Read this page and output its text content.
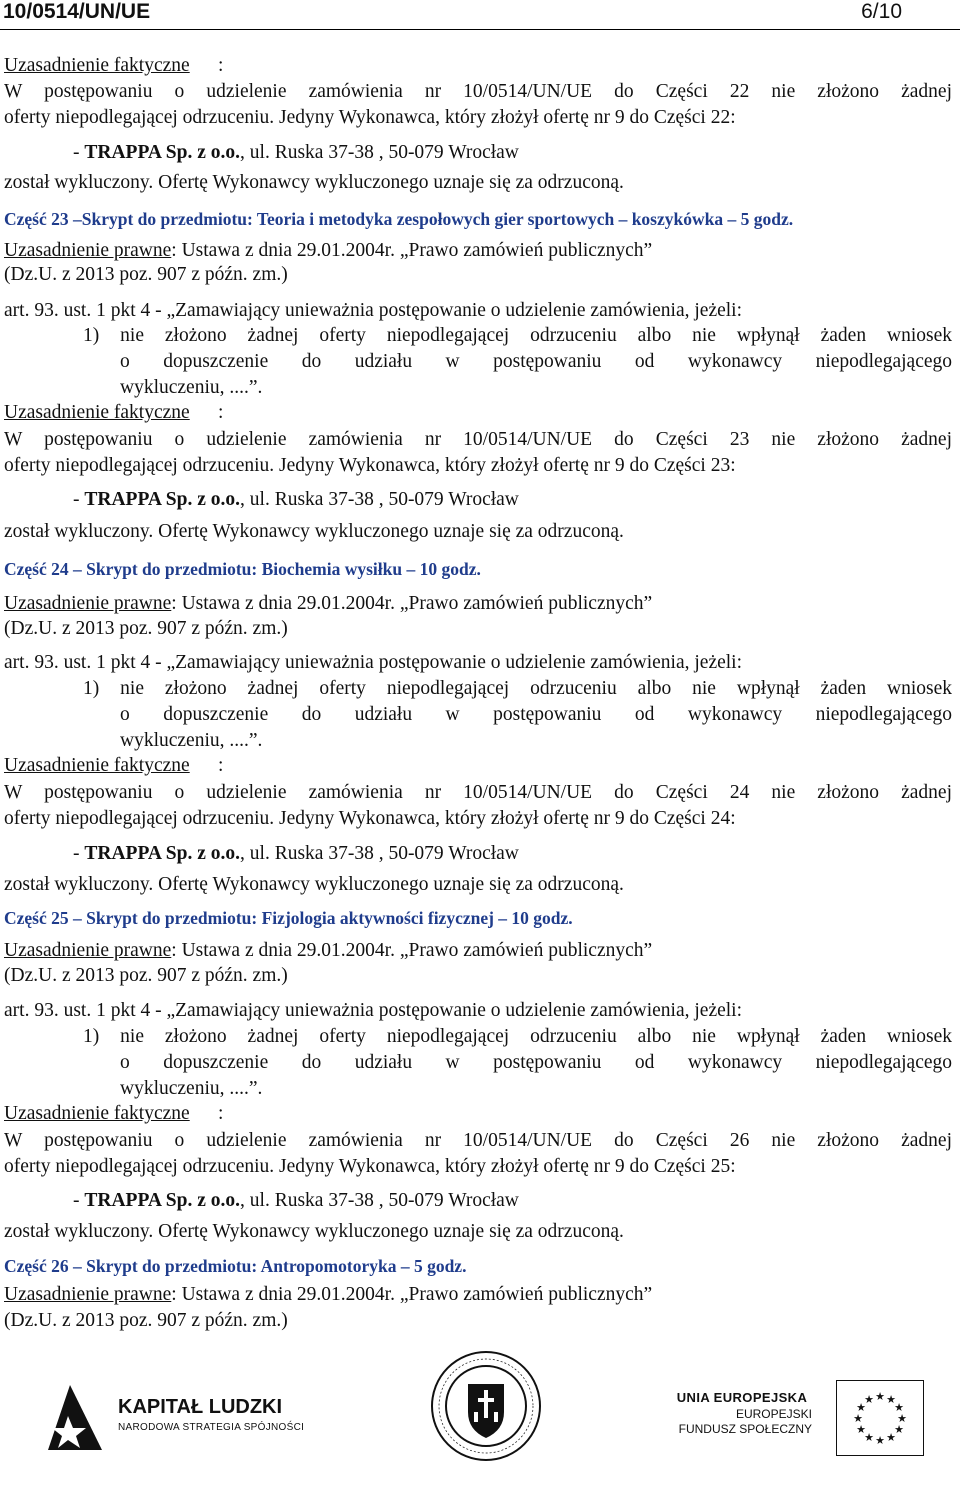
10/0514/UN/UE	6/10
Uzasadnienie faktyczne :
W postępowaniu o udzielenie zamówienia nr 10/0514/UN/UE do Części 22 nie złożono żadnej
oferty niepodlegającej odrzuceniu. Jedyny Wykonawca, który złożył ofertę nr 9 do Części 22:
- TRAPPA Sp. z o.o., ul. Ruska 37-38 , 50-079 Wrocław
został wykluczony. Ofertę Wykonawcy wykluczonego uznaje się za odrzuconą.
Część 23 –Skrypt do przedmiotu: Teoria i metodyka zespołowych gier sportowych – koszykówka – 5 godz.
Uzasadnienie prawne: Ustawa z dnia 29.01.2004r. „Prawo zamówień publicznych”
(Dz.U. z 2013 poz. 907 z późn. zm.)
art. 93. ust. 1 pkt 4 - „Zamawiający unieważnia postępowanie o udzielenie zamówienia, jeżeli:
1) nie złożono żadnej oferty niepodlegającej odrzuceniu albo nie wpłynął żaden wniosek
o dopuszczenie do udziału w postępowaniu od wykonawcy niepodlegającego
wykluczeniu, ....”.
Uzasadnienie faktyczne :
W postępowaniu o udzielenie zamówienia nr 10/0514/UN/UE do Części 23 nie złożono żadnej
oferty niepodlegającej odrzuceniu. Jedyny Wykonawca, który złożył ofertę nr 9 do Części 23:
- TRAPPA Sp. z o.o., ul. Ruska 37-38 , 50-079 Wrocław
został wykluczony. Ofertę Wykonawcy wykluczonego uznaje się za odrzuconą.
Część 24 – Skrypt do przedmiotu: Biochemia wysiłku – 10 godz.
Uzasadnienie prawne: Ustawa z dnia 29.01.2004r. „Prawo zamówień publicznych”
(Dz.U. z 2013 poz. 907 z późn. zm.)
art. 93. ust. 1 pkt 4 - „Zamawiający unieważnia postępowanie o udzielenie zamówienia, jeżeli:
1) nie złożono żadnej oferty niepodlegającej odrzuceniu albo nie wpłynął żaden wniosek
o dopuszczenie do udziału w postępowaniu od wykonawcy niepodlegającego
wykluczeniu, ....”.
Uzasadnienie faktyczne :
W postępowaniu o udzielenie zamówienia nr 10/0514/UN/UE do Części 24 nie złożono żadnej
oferty niepodlegającej odrzuceniu. Jedyny Wykonawca, który złożył ofertę nr 9 do Części 24:
- TRAPPA Sp. z o.o., ul. Ruska 37-38 , 50-079 Wrocław
został wykluczony. Ofertę Wykonawcy wykluczonego uznaje się za odrzuconą.
Część 25 – Skrypt do przedmiotu: Fizjologia aktywności fizycznej – 10 godz.
Uzasadnienie prawne: Ustawa z dnia 29.01.2004r. „Prawo zamówień publicznych”
(Dz.U. z 2013 poz. 907 z późn. zm.)
art. 93. ust. 1 pkt 4 - „Zamawiający unieważnia postępowanie o udzielenie zamówienia, jeżeli:
1) nie złożono żadnej oferty niepodlegającej odrzuceniu albo nie wpłynął żaden wniosek
o dopuszczenie do udziału w postępowaniu od wykonawcy niepodlegającego
wykluczeniu, ....”.
Uzasadnienie faktyczne :
W postępowaniu o udzielenie zamówienia nr 10/0514/UN/UE do Części 26 nie złożono żadnej
oferty niepodlegającej odrzuceniu. Jedyny Wykonawca, który złożył ofertę nr 9 do Części 25:
- TRAPPA Sp. z o.o., ul. Ruska 37-38 , 50-079 Wrocław
został wykluczony. Ofertę Wykonawcy wykluczonego uznaje się za odrzuconą.
Część 26 – Skrypt do przedmiotu: Antropomotoryka – 5 godz.
Uzasadnienie prawne: Ustawa z dnia 29.01.2004r. „Prawo zamówień publicznych”
(Dz.U. z 2013 poz. 907 z późn. zm.)
KAPITAŁ LUDZKI
NARODOWA STRATEGIA SPÓJNOŚCI
UNIA EUROPEJSKA
EUROPEJSKI
FUNDUSZ SPOŁECZNY
★ ★
★
★
★
★
★
★
★
★
★
★
